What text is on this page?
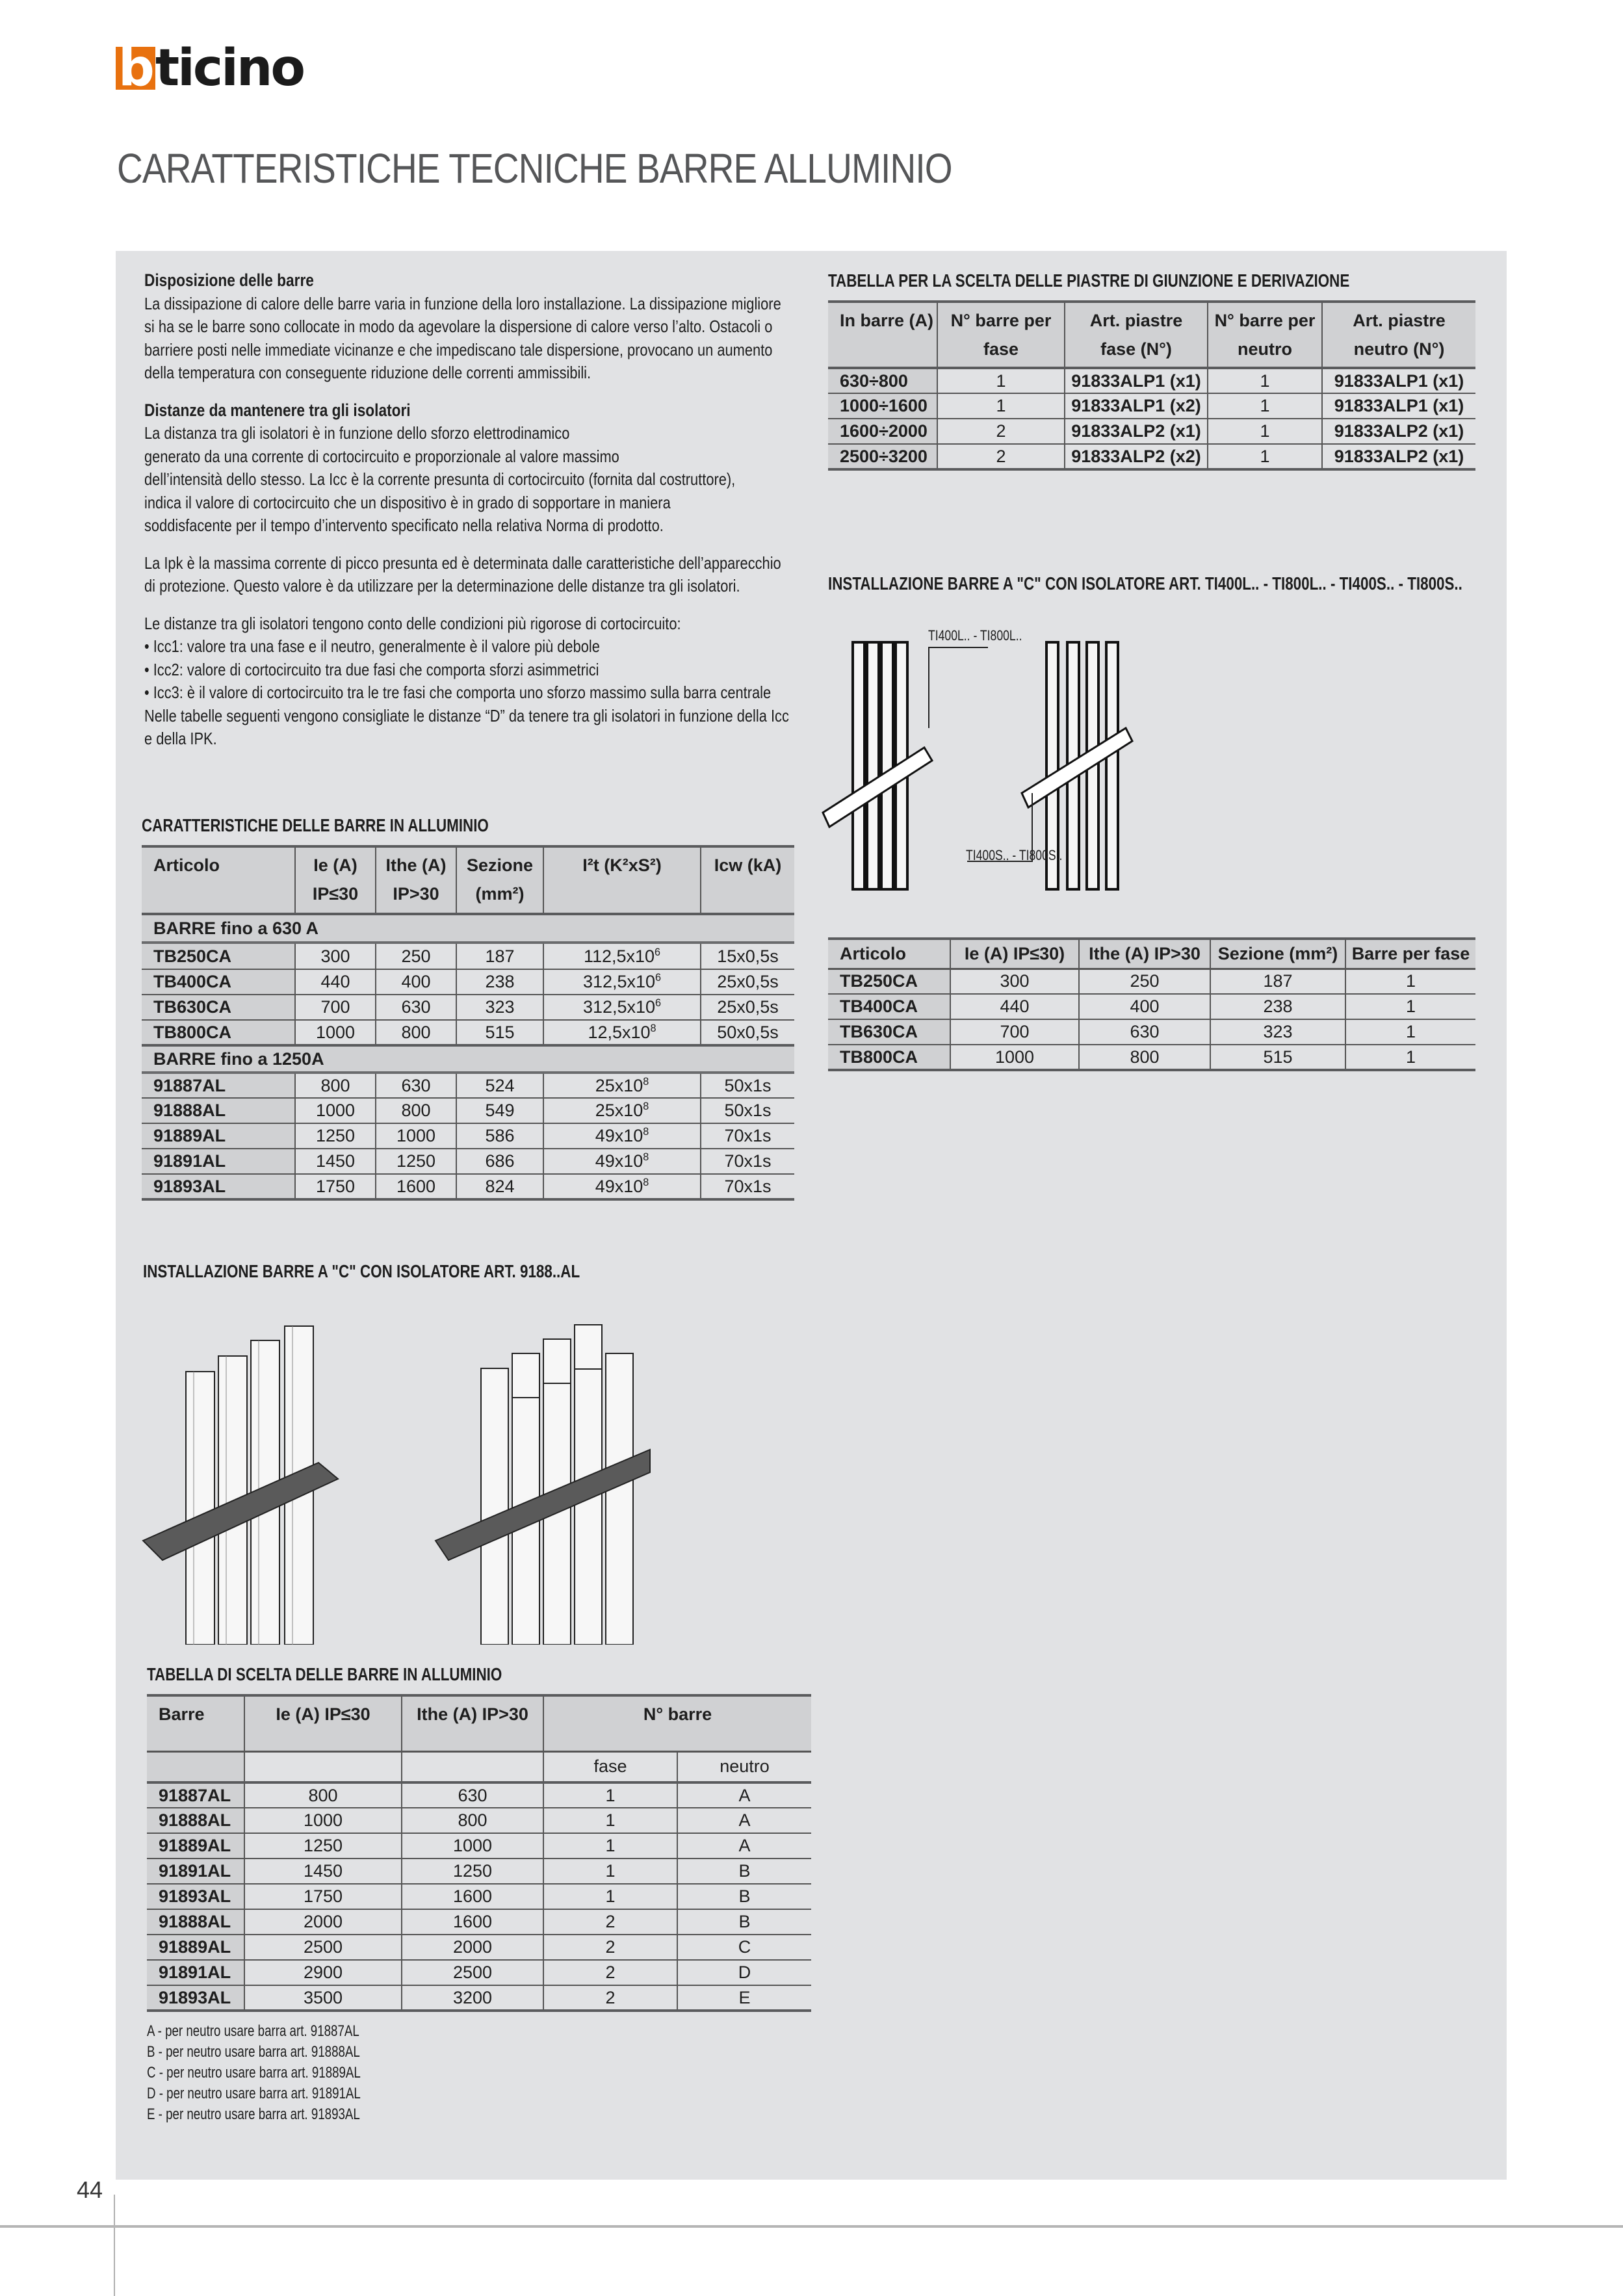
b ticino
CARATTERISTICHE TECNICHE BARRE ALLUMINIO
Disposizione delle barre

La dissipazione di calore delle barre varia in funzione della loro installazione. La dissipazione migliore si ha se le barre sono collocate in modo da agevolare la dispersione di calore verso l’alto. Ostacoli o barriere posti nelle immediate vicinanze e che impediscano tale dispersione, provocano un aumento della temperatura con conseguente riduzione delle correnti ammissibili.

Distanze da mantenere tra gli isolatori

La distanza tra gli isolatori è in funzione dello sforzo elettrodinamico

generato da una corrente di cortocircuito e proporzionale al valore massimo

dell’intensità dello stesso. La Icc è la corrente presunta di cortocircuito (fornita dal costruttore),

indica il valore di cortocircuito che un dispositivo è in grado di sopportare in maniera

soddisfacente per il tempo d’intervento specificato nella relativa Norma di prodotto.

La Ipk è la massima corrente di picco presunta ed è determinata dalle caratteristiche dell’apparecchio di protezione. Questo valore è da utilizzare per la determinazione delle distanze tra gli isolatori.

Le distanze tra gli isolatori tengono conto delle condizioni più rigorose di cortocircuito:

• Icc1: valore tra una fase e il neutro, generalmente è il valore più debole

• Icc2: valore di cortocircuito tra due fasi che comporta sforzi asimmetrici

• Icc3: è il valore di cortocircuito tra le tre fasi che comporta uno sforzo massimo sulla barra centrale

Nelle tabelle seguenti vengono consigliate le distanze “D” da tenere tra gli isolatori in funzione della Icc e della IPK.

CARATTERISTICHE DELLE BARRE IN ALLUMINIO
Articolo	Ie (A)	Ithe (A)	Sezione	I²t (K²xS²)	Icw (kA)
	IP≤30	IP>30	(mm²)		
BARRE fino a 630 A					
TB250CA	300	250	187	$112,5x10^6$	15x0,5s
TB400CA	440	400	238	$312,5x10^6$	25x0,5s
TB630CA	700	630	323	$312,5x10^6$	25x0,5s
TB800CA	1000	800	515	$12,5x10^8$	50x0,5s
BARRE fino a 1250A					
91887AL	800	630	524	$25x10^8$	50x1s
91888AL	1000	800	549	$25x10^8$	50x1s
91889AL	1250	1000	586	$49x10^8$	70x1s
91891AL	1450	1250	686	$49x10^8$	70x1s
91893AL	1750	1600	824	$49x10^8$	70x1s
INSTALLAZIONE BARRE A "C" CON ISOLATORE ART. 9188..AL
TABELLA DI SCELTA DELLE BARRE IN ALLUMINIO
Barre	Ie (A) IP≤30	Ithe (A) IP>30	N° barre	
			fase	neutro
91887AL	800	630	1	A
91888AL	1000	800	1	A
91889AL	1250	1000	1	A
91891AL	1450	1250	1	B
91893AL	1750	1600	1	B
91888AL	2000	1600	2	B
91889AL	2500	2000	2	C
91891AL	2900	2500	2	D
91893AL	3500	3200	2	E
A - per neutro usare barra art. 91887AL
B - per neutro usare barra art. 91888AL
C - per neutro usare barra art. 91889AL
D - per neutro usare barra art. 91891AL
E - per neutro usare barra art. 91893AL
TABELLA PER LA SCELTA DELLE PIASTRE DI GIUNZIONE E DERIVAZIONE
In barre (A)	N° barre per	Art. piastre	N° barre per	Art. piastre
	fase	fase (N°)	neutro	neutro (N°)
630÷800	1	91833ALP1 (x1)	1	91833ALP1 (x1)
1000÷1600	1	91833ALP1 (x2)	1	91833ALP1 (x1)
1600÷2000	2	91833ALP2 (x1)	1	91833ALP2 (x1)
2500÷3200	2	91833ALP2 (x2)	1	91833ALP2 (x1)
INSTALLAZIONE BARRE A "C" CON ISOLATORE ART. TI400L.. - TI800L.. - TI400S.. - TI800S..
TI400L.. - TI800L..
TI400S.. - TI800S..
Articolo	Ie (A) IP≤30)	Ithe (A) IP>30	Sezione (mm²)	Barre per fase
TB250CA	300	250	187	1
TB400CA	440	400	238	1
TB630CA	700	630	323	1
TB800CA	1000	800	515	1
44
